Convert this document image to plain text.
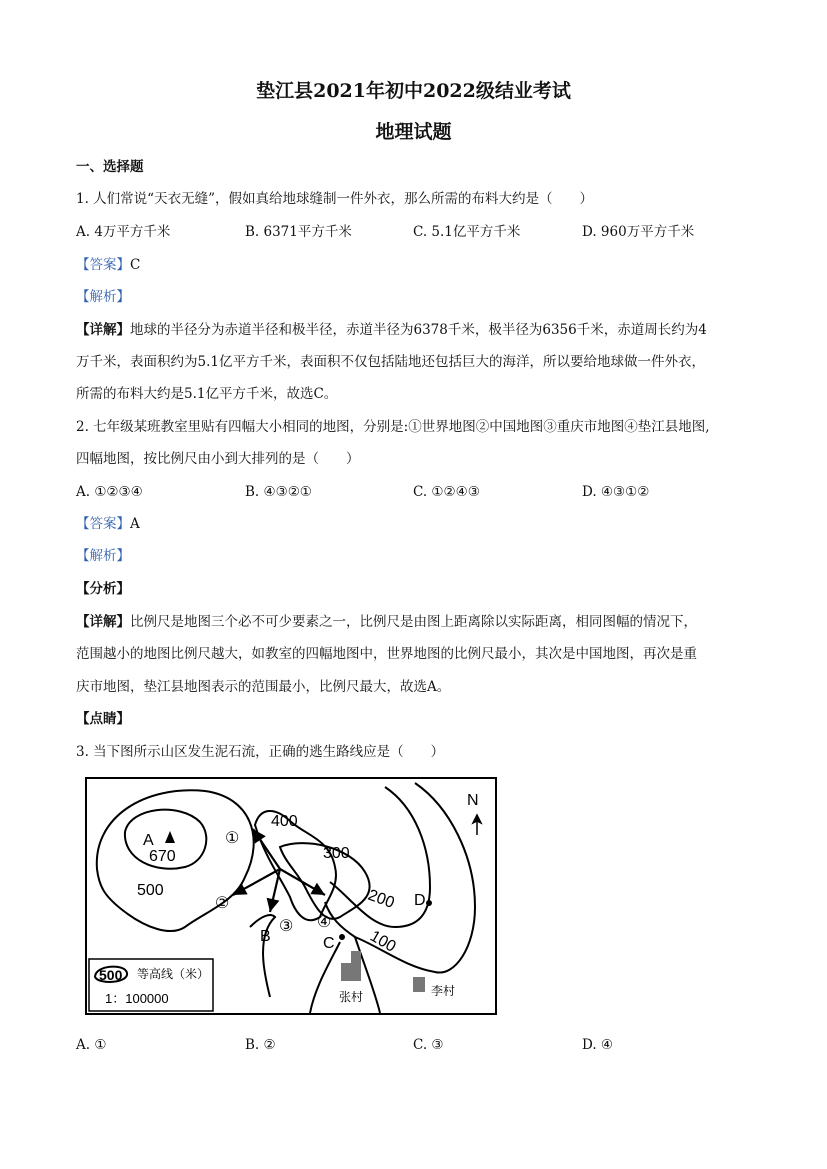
垫江县2021年初中2022级结业考试
地理试题
一、选择题
1. 人们常说“天衣无缝”，假如真给地球缝制一件外衣，那么所需的布料大约是（　　）
A. 4万平方千米	B. 6371平方千米	C. 5.1亿平方千米	D. 960万平方千米
【答案】C
【解析】
【详解】地球的半径分为赤道半径和极半径，赤道半径为6378千米，极半径为6356千米，赤道周长约为4
万千米，表面积约为5.1亿平方千米，表面积不仅包括陆地还包括巨大的海洋，所以要给地球做一件外衣，
所需的布料大约是5.1亿平方千米，故选C。
2. 七年级某班教室里贴有四幅大小相同的地图，分别是:①世界地图②中国地图③重庆市地图④垫江县地图,
四幅地图，按比例尺由小到大排列的是（　　）
A. ①②③④	B. ④③②①	C. ①②④③	D. ④③①②
【答案】A
【解析】
【分析】
【详解】比例尺是地图三个必不可少要素之一，比例尺是由图上距离除以实际距离，相同图幅的情况下，
范围越小的地图比例尺越大，如教室的四幅地图中，世界地图的比例尺最小，其次是中国地图，再次是重
庆市地图，垫江县地图表示的范围最小，比例尺最大，故选A。
【点睛】
3. 当下图所示山区发生泥石流，正确的逃生路线应是（　　）
400
300
200
100
500
A
670
B	C
D
①
②
③ ④
N
张村	李村
500 等高线（米）
1：100000
A. ①	B. ②	C. ③	D. ④
